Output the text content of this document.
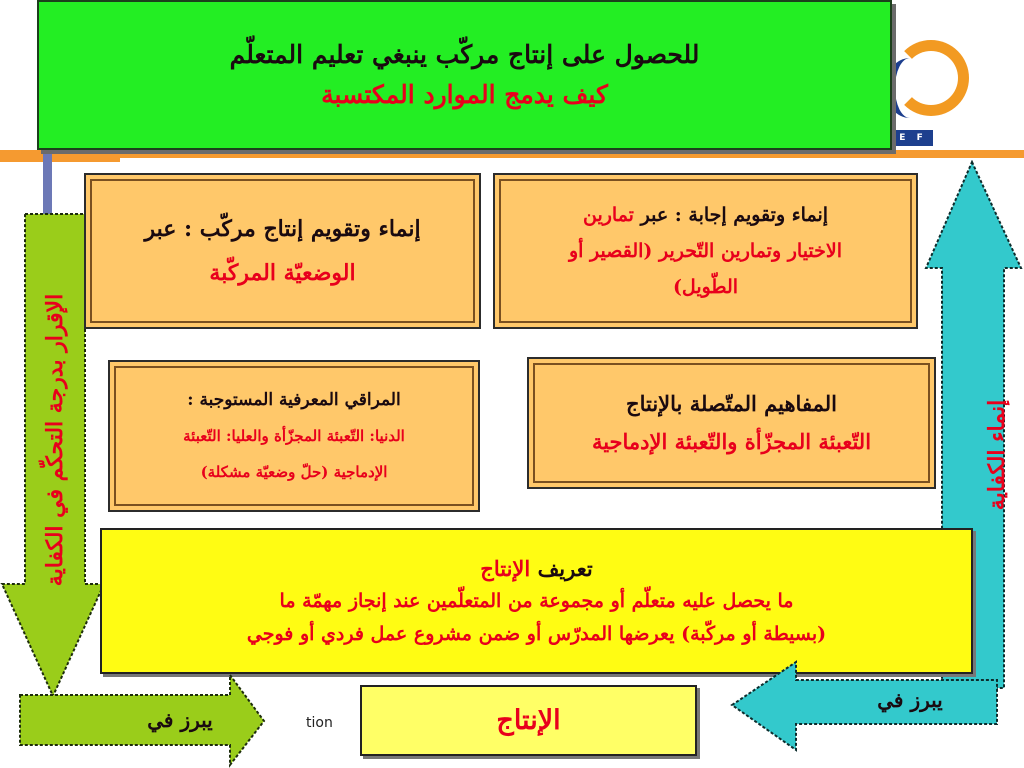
E F
للحصول على إنتاج مركّب ينبغي تعليم المتعلّم
كيف يدمج الموارد المكتسبة
الإقرار بدرجة التحكّم في الكفاية	إنماء الكفاية
إنماء وتقويم إجابة : عبر تمارين
الاختيار وتمارين التّحرير (القصير أو
الطّويل)
إنماء وتقويم إنتاج مركّب : عبر
الوضعيّة المركّبة
المفاهيم المتّصلة بالإنتاج
التّعبئة المجزّأة والتّعبئة الإدماجية
المراقي المعرفية المستوجبة :
الدنيا: التّعبئة المجزّأة والعليا: التّعبئة
الإدماجية (حلّ وضعيّة مشكلة)
تعريف الإنتاج
ما يحصل عليه متعلّم أو مجموعة من المتعلّمين عند إنجاز مهمّة ما
(بسيطة أو مركّبة) يعرضها المدرّس أو ضمن مشروع عمل فردي أو فوجي
يبرز في	tion	الإنتاج
يبرز في
